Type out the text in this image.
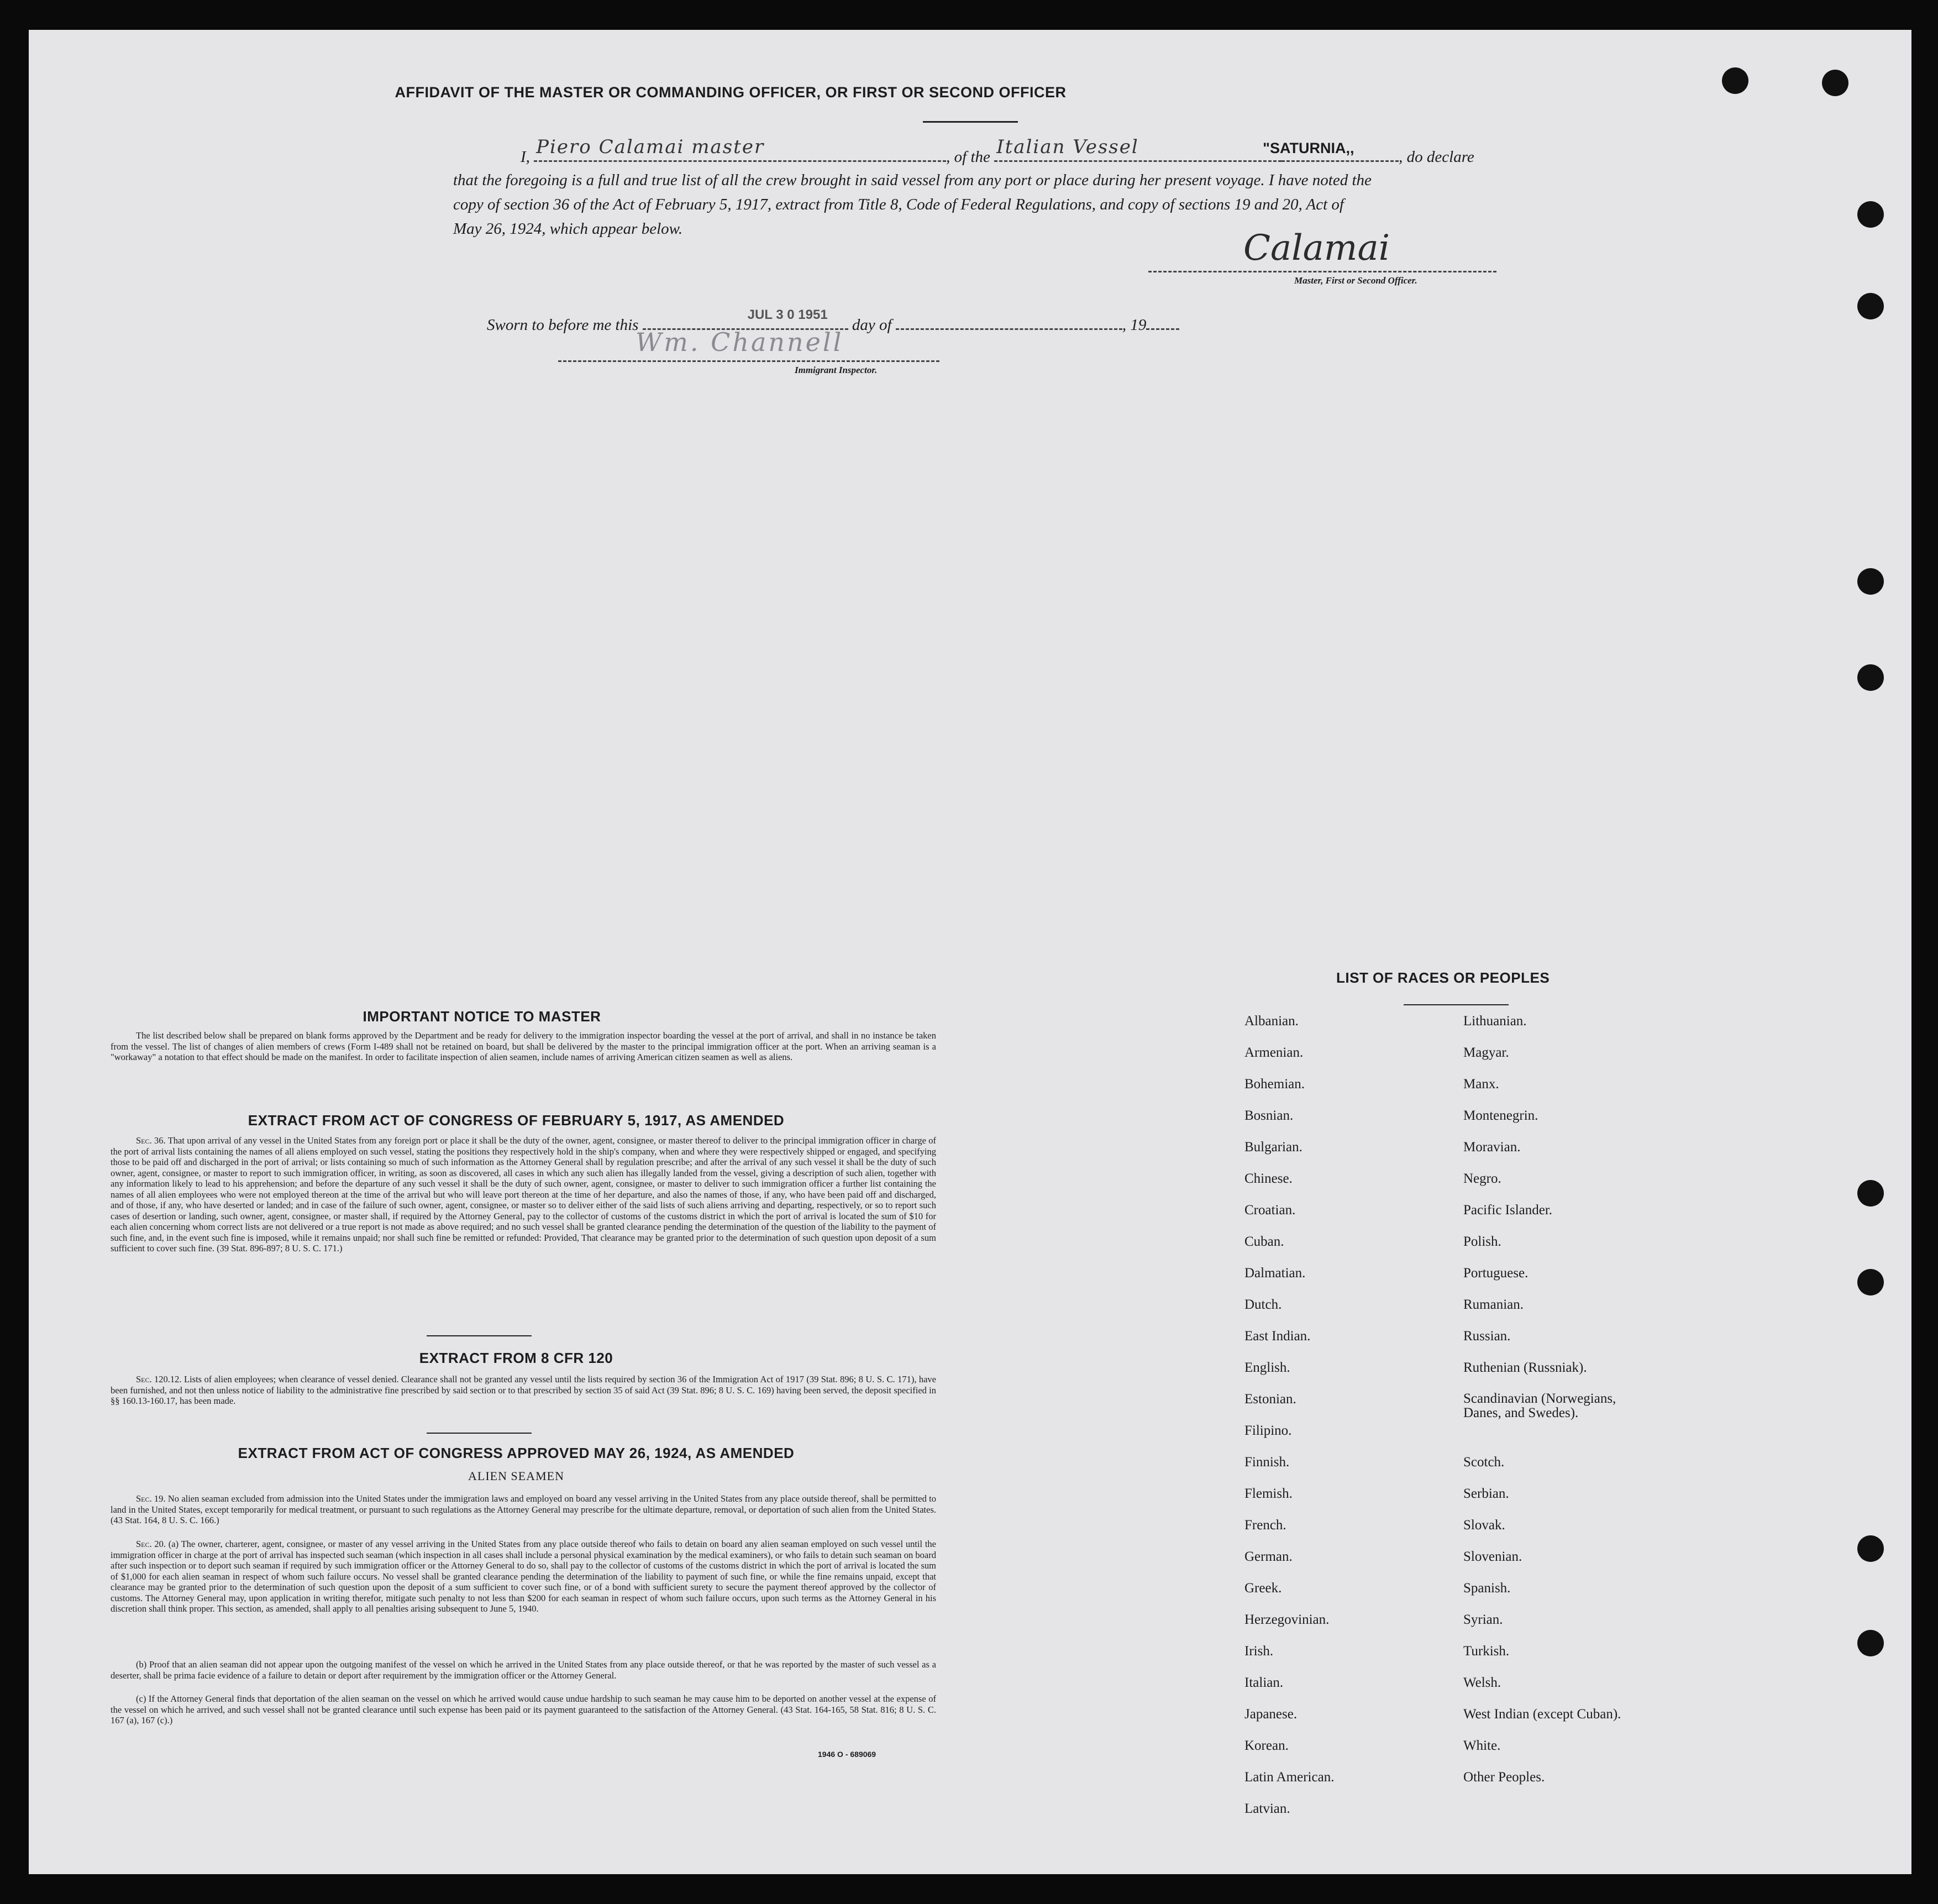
AFFIDAVIT OF THE MASTER OR COMMANDING OFFICER, OR FIRST OR SECOND OFFICER
I, Piero Calamai master	, of the Italian Vessel	"SATURNIA,,	, do declare
that the foregoing is a full and true list of all the crew brought in said vessel from any port or place during her present voyage. I have noted the
copy of section 36 of the Act of February 5, 1917, extract from Title 8, Code of Federal Regulations, and copy of sections 19 and 20, Act of
May 26, 1924, which appear below.	Calamai
Master, First or Second Officer.
Sworn to before me this
JUL 3 0 1951
day of	, 19
Wm. Channell
Immigrant Inspector.
IMPORTANT NOTICE TO MASTER
The list described below shall be prepared on blank forms approved by the Department and be ready for delivery to the immigration inspector boarding the vessel at the port of arrival, and shall in no instance be taken from the vessel. The list of changes of alien members of crews (Form I-489 shall not be retained on board, but shall be delivered by the master to the principal immigration officer at the port. When an arriving seaman is a "workaway" a notation to that effect should be made on the manifest. In order to facilitate inspection of alien seamen, include names of arriving American citizen seamen as well as aliens.
EXTRACT FROM ACT OF CONGRESS OF FEBRUARY 5, 1917, AS AMENDED
Sec. 36. That upon arrival of any vessel in the United States from any foreign port or place it shall be the duty of the owner, agent, consignee, or master thereof to deliver to the principal immigration officer in charge of the port of arrival lists containing the names of all aliens employed on such vessel, stating the positions they respectively hold in the ship's company, when and where they were respectively shipped or engaged, and specifying those to be paid off and discharged in the port of arrival; or lists containing so much of such information as the Attorney General shall by regulation prescribe; and after the arrival of any such vessel it shall be the duty of such owner, agent, consignee, or master to report to such immigration officer, in writing, as soon as discovered, all cases in which any such alien has illegally landed from the vessel, giving a description of such alien, together with any information likely to lead to his apprehension; and before the departure of any such vessel it shall be the duty of such owner, agent, consignee, or master to deliver to such immigration officer a further list containing the names of all alien employees who were not employed thereon at the time of the arrival but who will leave port thereon at the time of her departure, and also the names of those, if any, who have been paid off and discharged, and of those, if any, who have deserted or landed; and in case of the failure of such owner, agent, consignee, or master so to deliver either of the said lists of such aliens arriving and departing, respectively, or so to report such cases of desertion or landing, such owner, agent, consignee, or master shall, if required by the Attorney General, pay to the collector of customs of the customs district in which the port of arrival is located the sum of $10 for each alien concerning whom correct lists are not delivered or a true report is not made as above required; and no such vessel shall be granted clearance pending the determination of the question of the liability to the payment of such fine, and, in the event such fine is imposed, while it remains unpaid; nor shall such fine be remitted or refunded: Provided, That clearance may be granted prior to the determination of such question upon deposit of a sum sufficient to cover such fine. (39 Stat. 896-897; 8 U. S. C. 171.)
EXTRACT FROM 8 CFR 120
Sec. 120.12. Lists of alien employees; when clearance of vessel denied. Clearance shall not be granted any vessel until the lists required by section 36 of the Immigration Act of 1917 (39 Stat. 896; 8 U. S. C. 171), have been furnished, and not then unless notice of liability to the administrative fine prescribed by said section or to that prescribed by section 35 of said Act (39 Stat. 896; 8 U. S. C. 169) having been served, the deposit specified in §§ 160.13-160.17, has been made.
EXTRACT FROM ACT OF CONGRESS APPROVED MAY 26, 1924, AS AMENDED
ALIEN SEAMEN
Sec. 19. No alien seaman excluded from admission into the United States under the immigration laws and employed on board any vessel arriving in the United States from any place outside thereof, shall be permitted to land in the United States, except temporarily for medical treatment, or pursuant to such regulations as the Attorney General may prescribe for the ultimate departure, removal, or deportation of such alien from the United States. (43 Stat. 164, 8 U. S. C. 166.)
Sec. 20. (a) The owner, charterer, agent, consignee, or master of any vessel arriving in the United States from any place outside thereof who fails to detain on board any alien seaman employed on such vessel until the immigration officer in charge at the port of arrival has inspected such seaman (which inspection in all cases shall include a personal physical examination by the medical examiners), or who fails to detain such seaman on board after such inspection or to deport such seaman if required by such immigration officer or the Attorney General to do so, shall pay to the collector of customs of the customs district in which the port of arrival is located the sum of $1,000 for each alien seaman in respect of whom such failure occurs. No vessel shall be granted clearance pending the determination of the liability to payment of such fine, or while the fine remains unpaid, except that clearance may be granted prior to the determination of such question upon the deposit of a sum sufficient to cover such fine, or of a bond with sufficient surety to secure the payment thereof approved by the collector of customs. The Attorney General may, upon application in writing therefor, mitigate such penalty to not less than $200 for each seaman in respect of whom such failure occurs, upon such terms as the Attorney General in his discretion shall think proper. This section, as amended, shall apply to all penalties arising subsequent to June 5, 1940.
(b) Proof that an alien seaman did not appear upon the outgoing manifest of the vessel on which he arrived in the United States from any place outside thereof, or that he was reported by the master of such vessel as a deserter, shall be prima facie evidence of a failure to detain or deport after requirement by the immigration officer or the Attorney General.
(c) If the Attorney General finds that deportation of the alien seaman on the vessel on which he arrived would cause undue hardship to such seaman he may cause him to be deported on another vessel at the expense of the vessel on which he arrived, and such vessel shall not be granted clearance until such expense has been paid or its payment guaranteed to the satisfaction of the Attorney General. (43 Stat. 164-165, 58 Stat. 816; 8 U. S. C. 167 (a), 167 (c).)
1946 O - 689069
LIST OF RACES OR PEOPLES
Albanian.
Armenian.
Bohemian.
Bosnian.
Bulgarian.
Chinese.
Croatian.
Cuban.
Dalmatian.
Dutch.
East Indian.
English.
Estonian.
Filipino.
Finnish.
Flemish.
French.
German.
Greek.
Herzegovinian.
Irish.
Italian.
Japanese.
Korean.
Latin American.
Latvian.
Lithuanian.
Magyar.
Manx.
Montenegrin.
Moravian.
Negro.
Pacific Islander.
Polish.
Portuguese.
Rumanian.
Russian.
Ruthenian (Russniak).
Scandinavian (Norwegians,
Danes, and Swedes).
Scotch.
Serbian.
Slovak.
Slovenian.
Spanish.
Syrian.
Turkish.
Welsh.
West Indian (except Cuban).
White.
Other Peoples.
